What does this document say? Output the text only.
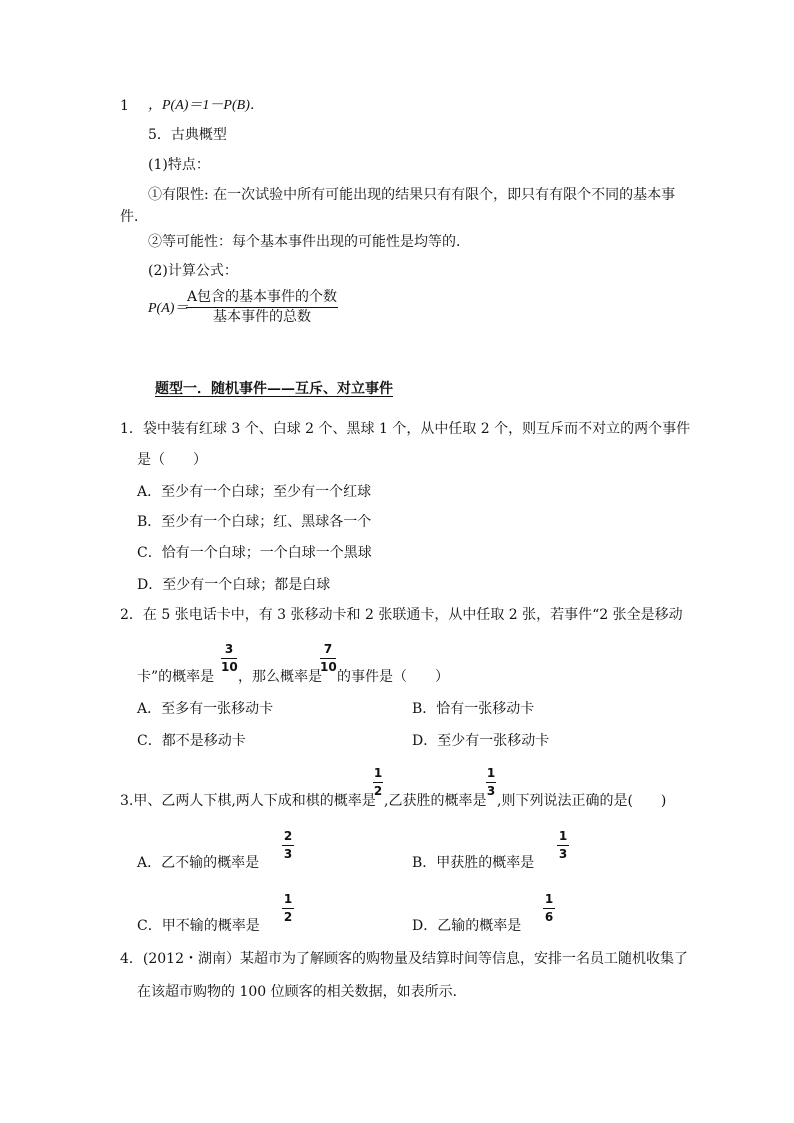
1 ，P(A)＝1－P(B)．
5．古典概型
(1)特点：
①有限性: 在一次试验中所有可能出现的结果只有有限个，即只有有限个不同的基本事
件．
②等可能性：每个基本事件出现的可能性是均等的．
(2)计算公式：
P(A)＝
A包含的基本事件的个数
基本事件的总数
题型一．随机事件——互斥、对立事件
1．袋中装有红球 3 个、白球 2 个、黑球 1 个，从中任取 2 个，则互斥而不对立的两个事件
是（　　）
A．至少有一个白球；至少有一个红球
B．至少有一个白球；红、黑球各一个
C．恰有一个白球；一个白球一个黑球
D．至少有一个白球；都是白球
2．在 5 张电话卡中，有 3 张移动卡和 2 张联通卡，从中任取 2 张，若事件“2 张全是移动
卡”的概率是
3
10
，那么概率是
7
10
的事件是（　　）
A．至多有一张移动卡	B．恰有一张移动卡
C．都不是移动卡	D．至少有一张移动卡
3.甲、乙两人下棋,两人下成和棋的概率是
1
2
,乙获胜的概率是
1
3
,则下列说法正确的是(　　)
A．乙不输的概率是
2
3
B．甲获胜的概率是
1
3
C．甲不输的概率是
1
2
D．乙输的概率是
1
6
4．(2012・湖南）某超市为了解顾客的购物量及结算时间等信息，安排一名员工随机收集了
在该超市购物的 100 位顾客的相关数据，如表所示．
